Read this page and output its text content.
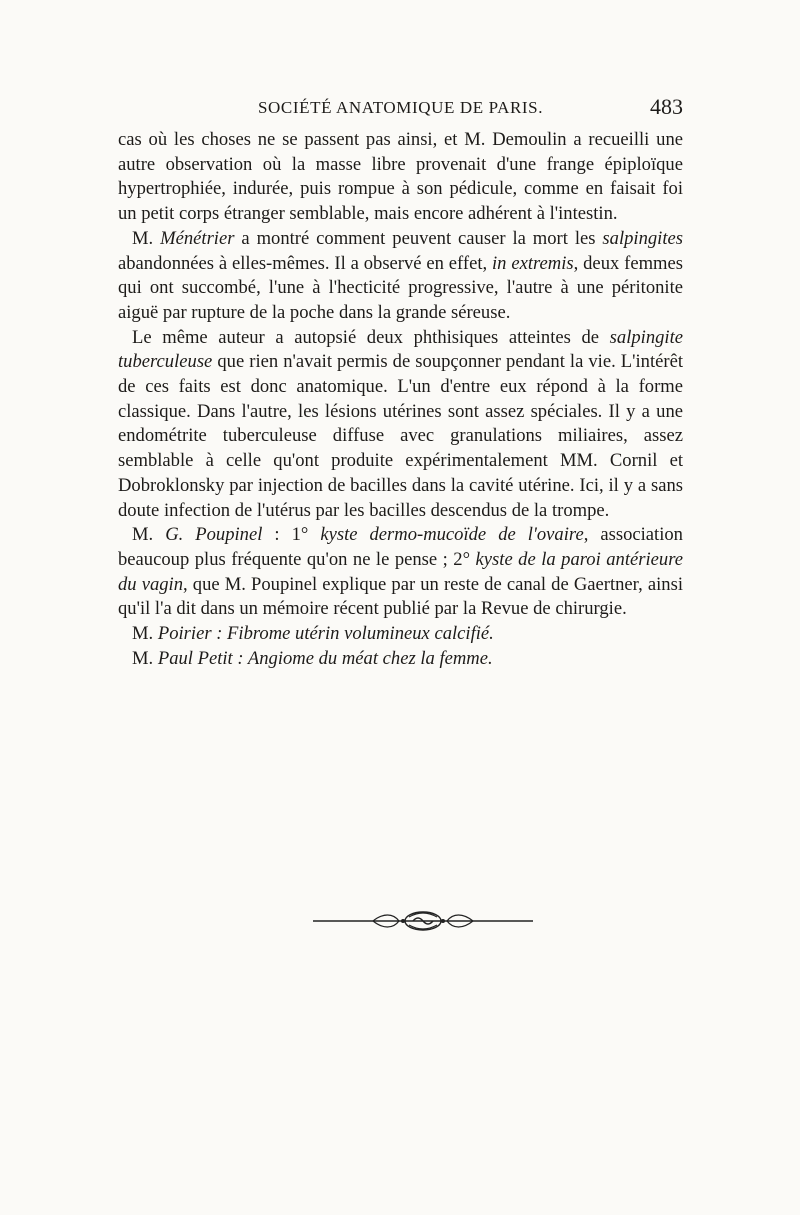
SOCIÉTÉ ANATOMIQUE DE PARIS.	483

cas où les choses ne se passent pas ainsi, et M. Demoulin a recueilli une autre observation où la masse libre provenait d'une frange épiploïque hypertrophiée, indurée, puis rompue à son pédicule, comme en faisait foi un petit corps étranger semblable, mais encore adhérent à l'intestin.

M. Ménétrier a montré comment peuvent causer la mort les salpingites abandonnées à elles-mêmes. Il a observé en effet, in extremis, deux femmes qui ont succombé, l'une à l'hecticité progressive, l'autre à une péritonite aiguë par rupture de la poche dans la grande séreuse.

Le même auteur a autopsié deux phthisiques atteintes de salpingite tuberculeuse que rien n'avait permis de soupçonner pendant la vie. L'intérêt de ces faits est donc anatomique. L'un d'entre eux répond à la forme classique. Dans l'autre, les lésions utérines sont assez spéciales. Il y a une endométrite tuberculeuse diffuse avec granulations miliaires, assez semblable à celle qu'ont produite expérimentalement MM. Cornil et Dobroklonsky par injection de bacilles dans la cavité utérine. Ici, il y a sans doute infection de l'utérus par les bacilles descendus de la trompe.

M. G. Poupinel : 1° kyste dermo-mucoïde de l'ovaire, association beaucoup plus fréquente qu'on ne le pense ; 2° kyste de la paroi antérieure du vagin, que M. Poupinel explique par un reste de canal de Gaertner, ainsi qu'il l'a dit dans un mémoire récent publié par la Revue de chirurgie.

M. Poirier : Fibrome utérin volumineux calcifié.

M. Paul Petit : Angiome du méat chez la femme.
